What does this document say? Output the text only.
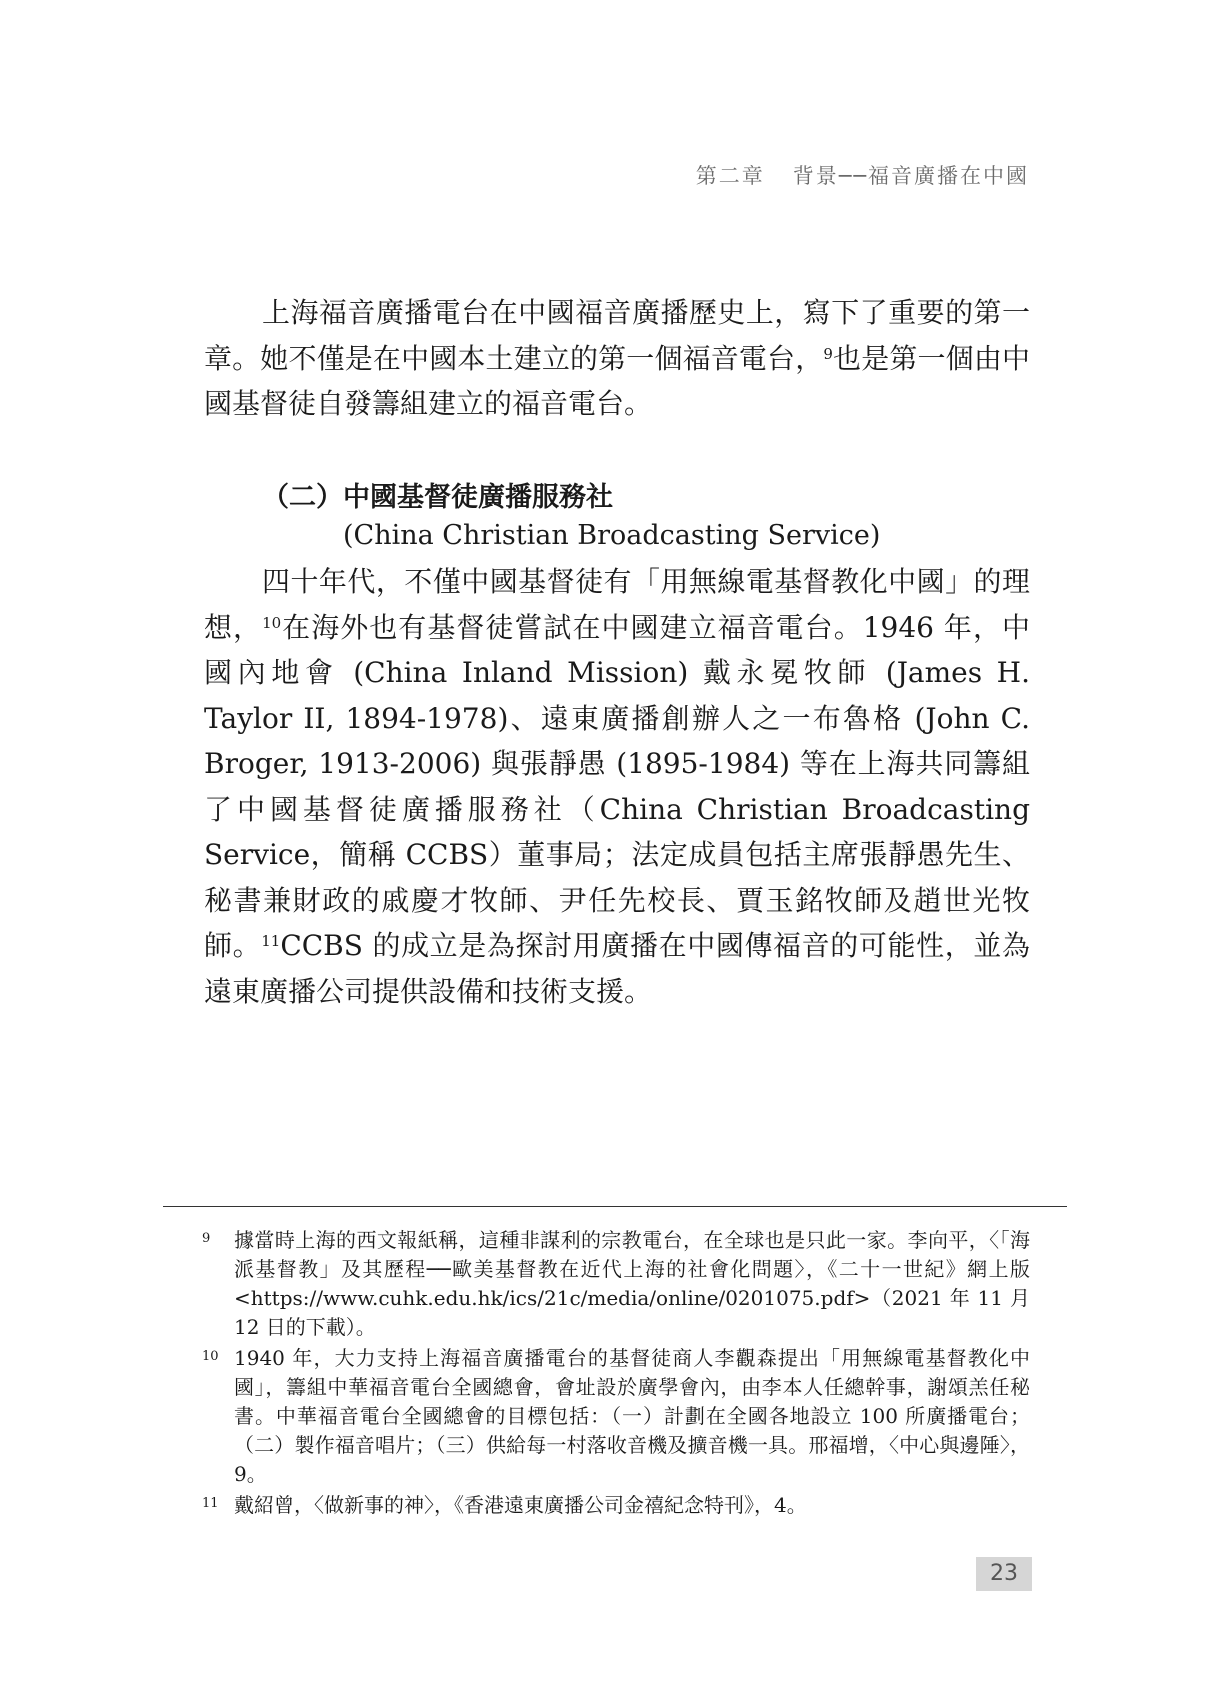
第二章 背景──福音廣播在中國

上海福音廣播電台在中國福音廣播歷史上，寫下了重要的第一章。她不僅是在中國本土建立的第一個福音電台，$^9$也是第一個由中國基督徒自發籌組建立的福音電台。

（二）中國基督徒廣播服務社
(China Christian Broadcasting Service)

四十年代，不僅中國基督徒有「用無線電基督教化中國」的理想，$^{10}$在海外也有基督徒嘗試在中國建立福音電台。1946 年，中國內地會 (China Inland Mission) 戴永冕牧師 (James H. Taylor II, 1894-1978)、遠東廣播創辦人之一布魯格 (John C. Broger, 1913-2006) 與張靜愚 (1895-1984) 等在上海共同籌組了中國基督徒廣播服務社（China Christian Broadcasting Service，簡稱 CCBS）董事局；法定成員包括主席張靜愚先生、秘書兼財政的戚慶才牧師、尹任先校長、賈玉銘牧師及趙世光牧師。$^{11}$CCBS 的成立是為探討用廣播在中國傳福音的可能性，並為遠東廣播公司提供設備和技術支援。

9	據當時上海的西文報紙稱，這種非謀利的宗教電台，在全球也是只此一家。李向平，〈「海派基督教」及其歷程──歐美基督教在近代上海的社會化問題〉，《二十一世紀》網上版 <https://www.cuhk.edu.hk/ics/21c/media/online/0201075.pdf>（2021 年 11 月 12 日的下載）。
10 1940 年，大力支持上海福音廣播電台的基督徒商人李觀森提出「用無線電基督教化中國」，籌組中華福音電台全國總會，會址設於廣學會內，由李本人任總幹事，謝頌羔任秘書。中華福音電台全國總會的目標包括：（一）計劃在全國各地設立 100 所廣播電台；（二）製作福音唱片；（三）供給每一村落收音機及擴音機一具。邢福增，〈中心與邊陲〉，9。
11 戴紹曾，〈做新事的神〉，《香港遠東廣播公司金禧紀念特刊》，4。
23
